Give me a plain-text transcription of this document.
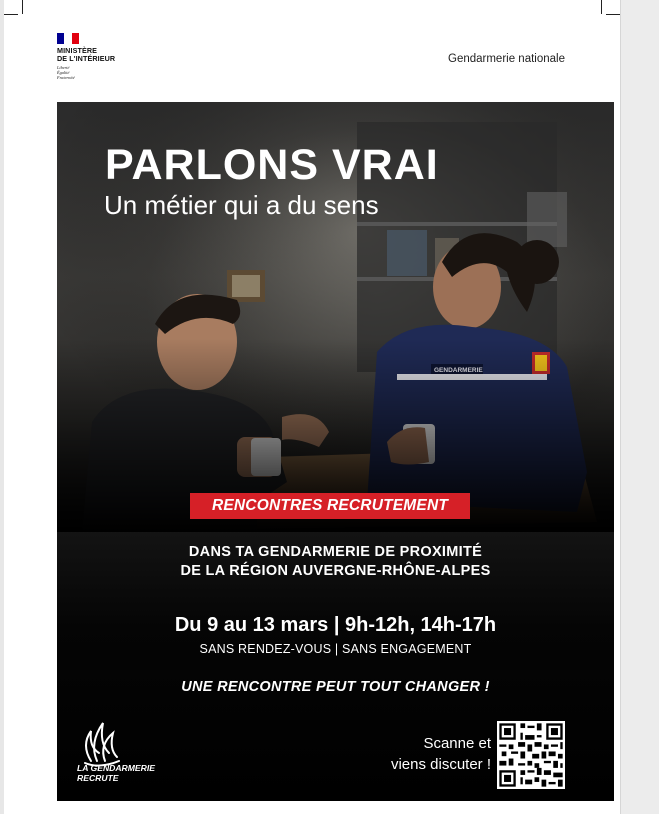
MINISTÈRE
DE L'INTÉRIEUR
Liberté
Égalité
Fraternité
Gendarmerie nationale
PARLONS VRAI
Un métier qui a du sens
RENCONTRES RECRUTEMENT
DANS TA GENDARMERIE DE PROXIMITÉ
DE LA RÉGION AUVERGNE-RHÔNE-ALPES
Du 9 au 13 mars | 9h-12h, 14h-17h
SANS RENDEZ-VOUS | SANS ENGAGEMENT
UNE RENCONTRE PEUT TOUT CHANGER !
LA GENDARMERIE
RECRUTE
Scanne et
viens discuter !
